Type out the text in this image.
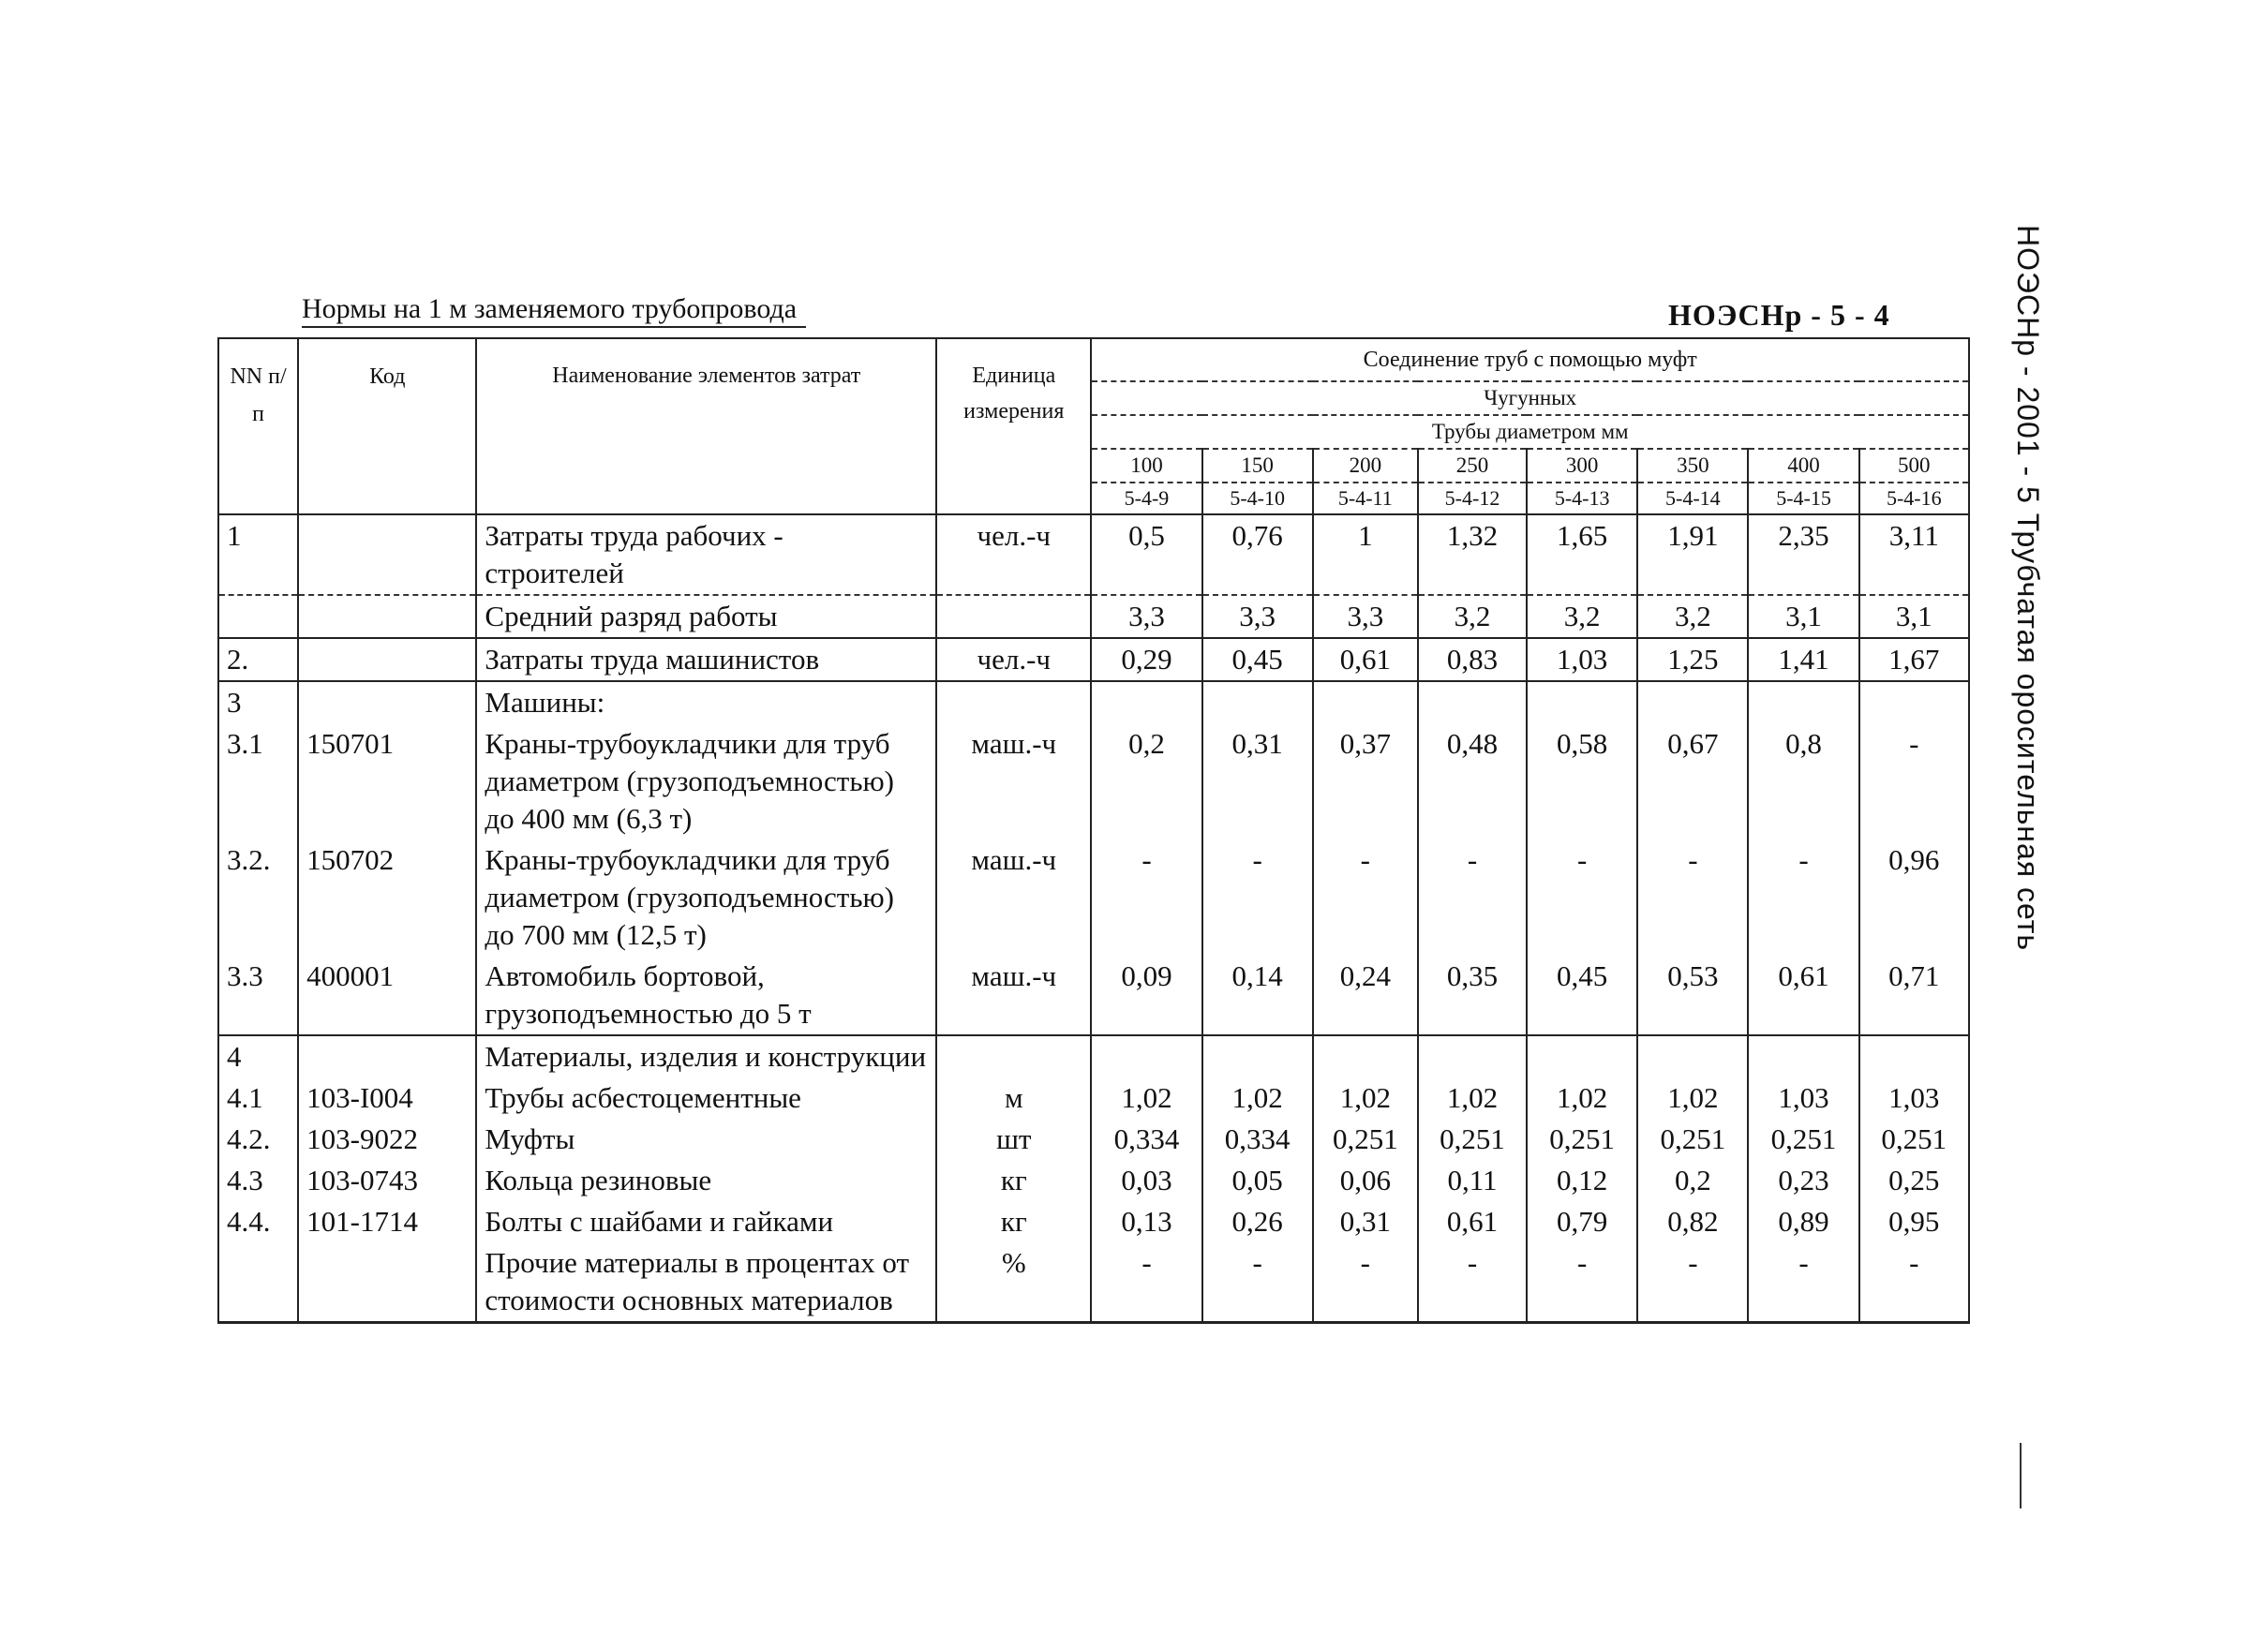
Нормы на 1 м заменяемого трубопровода	НОЭСНр - 5 - 4	НОЭСНр - 2001 - 5 Трубчатая оросительная сеть
NN п/п	Код	Наименование элементов затрат	Единица измерения	Соединение труб с помощью муфт							
				Чугунных							
				Трубы диаметром мм							
				100	150	200	250	300	350	400	500
				5-4-9	5-4-10	5-4-11	5-4-12	5-4-13	5-4-14	5-4-15	5-4-16
1		Затраты труда рабочих - строителей	чел.-ч	0,5	0,76	1	1,32	1,65	1,91	2,35	3,11
		Средний разряд работы		3,3	3,3	3,3	3,2	3,2	3,2	3,1	3,1
2.		Затраты труда машинистов	чел.-ч	0,29	0,45	0,61	0,83	1,03	1,25	1,41	1,67
3		Машины:									
3.1	150701	Краны-трубоукладчики для труб диаметром (грузоподъемностью) до 400 мм (6,3 т)	маш.-ч	0,2	0,31	0,37	0,48	0,58	0,67	0,8	-
3.2.	150702	Краны-трубоукладчики для труб диаметром (грузоподъемностью) до 700 мм (12,5 т)	маш.-ч	-	-	-	-	-	-	-	0,96
3.3	400001	Автомобиль бортовой, грузоподъемностью до 5 т	маш.-ч	0,09	0,14	0,24	0,35	0,45	0,53	0,61	0,71
4		Материалы, изделия и конструкции									
4.1	103-I004	Трубы асбестоцементные	м	1,02	1,02	1,02	1,02	1,02	1,02	1,03	1,03
4.2.	103-9022	Муфты	шт	0,334	0,334	0,251	0,251	0,251	0,251	0,251	0,251
4.3	103-0743	Кольца резиновые	кг	0,03	0,05	0,06	0,11	0,12	0,2	0,23	0,25
4.4.	101-1714	Болты с шайбами и гайками	кг	0,13	0,26	0,31	0,61	0,79	0,82	0,89	0,95
		Прочие материалы в процентах от стоимости основных материалов	%	-	-	-	-	-	-	-	-
